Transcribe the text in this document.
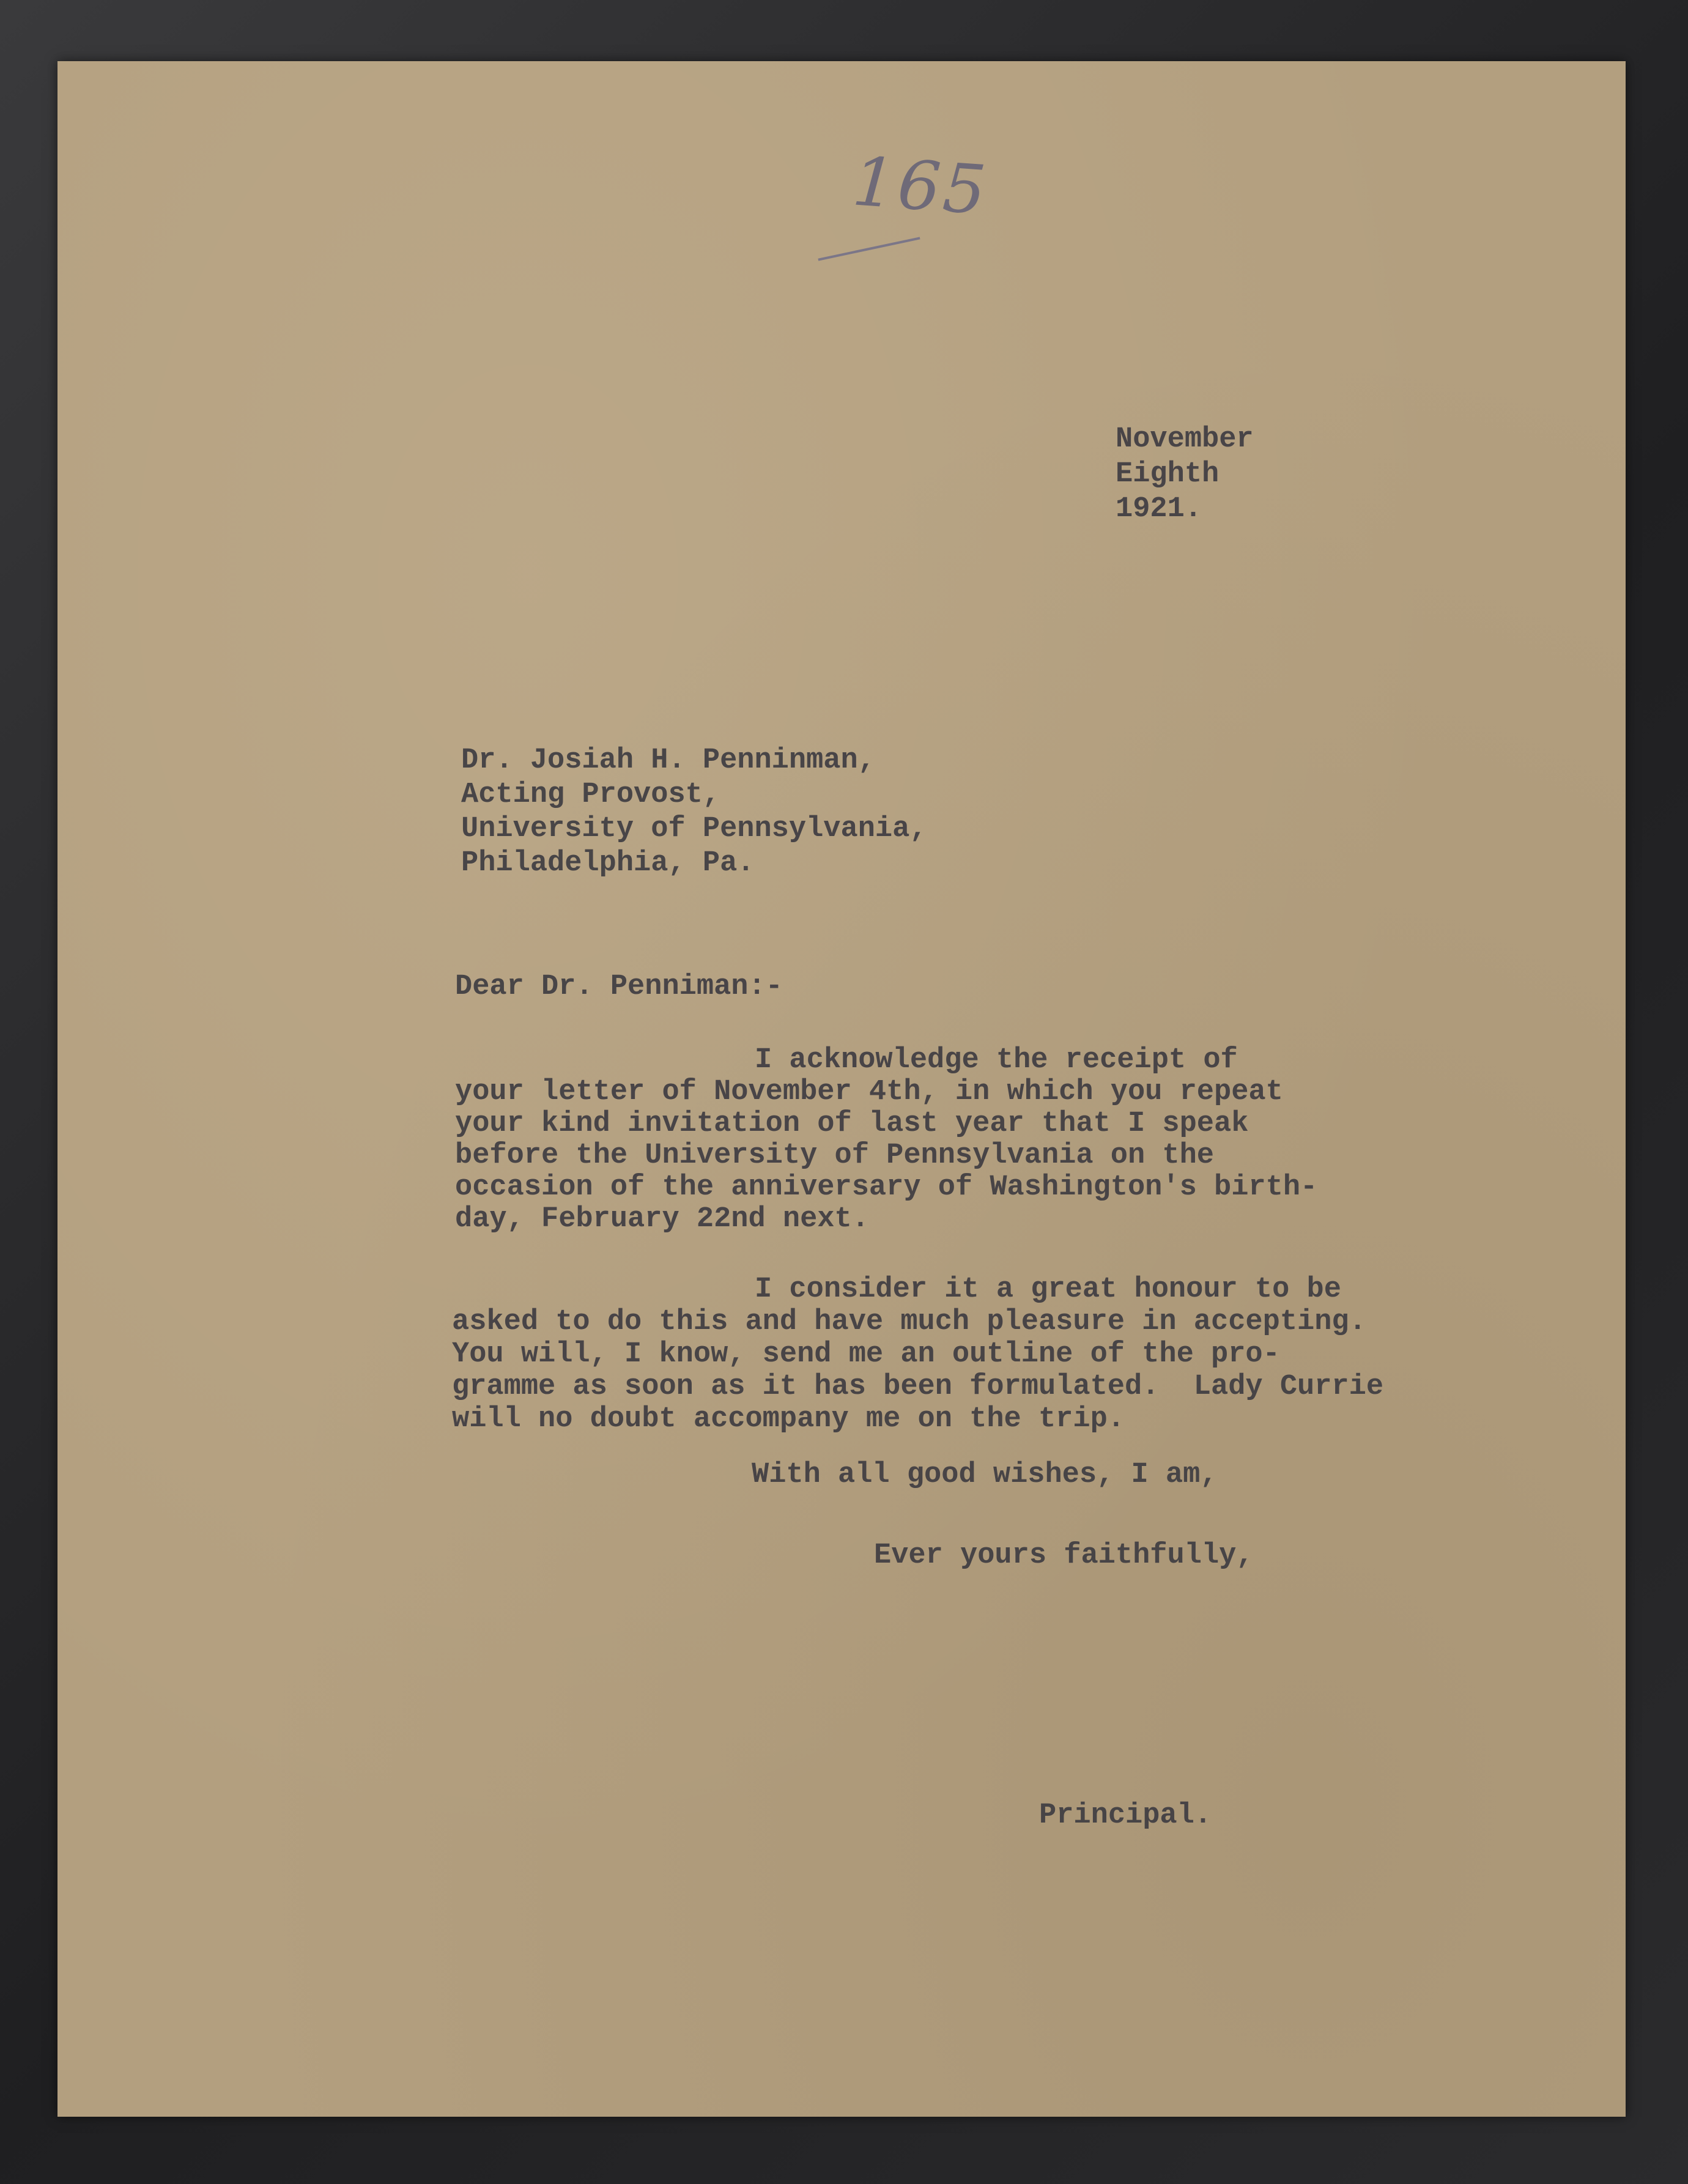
165

November

Eighth

1921.

Dr. Josiah H. Penninman,

Acting Provost,

University of Pennsylvania,

Philadelphia, Pa.

Dear Dr. Penniman:-

I acknowledge the receipt of

your letter of November 4th, in which you repeat

your kind invitation of last year that I speak

before the University of Pennsylvania on the

occasion of the anniversary of Washington's birth-

day, February 22nd next.

I consider it a great honour to be

asked to do this and have much pleasure in accepting.

You will, I know, send me an outline of the pro-

gramme as soon as it has been formulated.  Lady Currie

will no doubt accompany me on the trip.

With all good wishes, I am,

Ever yours faithfully,

Principal.
